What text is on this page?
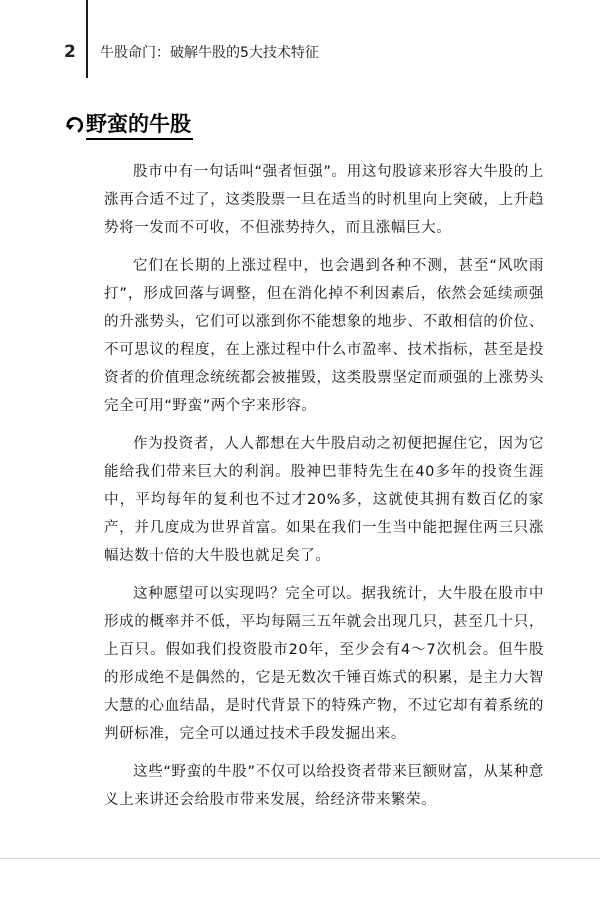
2 牛股命门：破解牛股的5大技术特征
野蛮的牛股

股市中有一句话叫“强者恒强”。用这句股谚来形容大牛股的上涨再合适不过了，这类股票一旦在适当的时机里向上突破，上升趋势将一发而不可收，不但涨势持久，而且涨幅巨大。

它们在长期的上涨过程中，也会遇到各种不测，甚至“风吹雨打”，形成回落与调整，但在消化掉不利因素后，依然会延续顽强的升涨势头，它们可以涨到你不能想象的地步、不敢相信的价位、不可思议的程度，在上涨过程中什么市盈率、技术指标，甚至是投资者的价值理念统统都会被摧毁，这类股票坚定而顽强的上涨势头完全可用“野蛮”两个字来形容。

作为投资者，人人都想在大牛股启动之初便把握住它，因为它能给我们带来巨大的利润。股神巴菲特先生在40多年的投资生涯中，平均每年的复利也不过才20%多，这就使其拥有数百亿的家产，并几度成为世界首富。如果在我们一生当中能把握住两三只涨幅达数十倍的大牛股也就足矣了。

这种愿望可以实现吗？完全可以。据我统计，大牛股在股市中形成的概率并不低，平均每隔三五年就会出现几只，甚至几十只，上百只。假如我们投资股市20年，至少会有4～7次机会。但牛股的形成绝不是偶然的，它是无数次千锤百炼式的积累，是主力大智大慧的心血结晶，是时代背景下的特殊产物，不过它却有着系统的判研标准，完全可以通过技术手段发掘出来。

这些“野蛮的牛股”不仅可以给投资者带来巨额财富，从某种意义上来讲还会给股市带来发展，给经济带来繁荣。
